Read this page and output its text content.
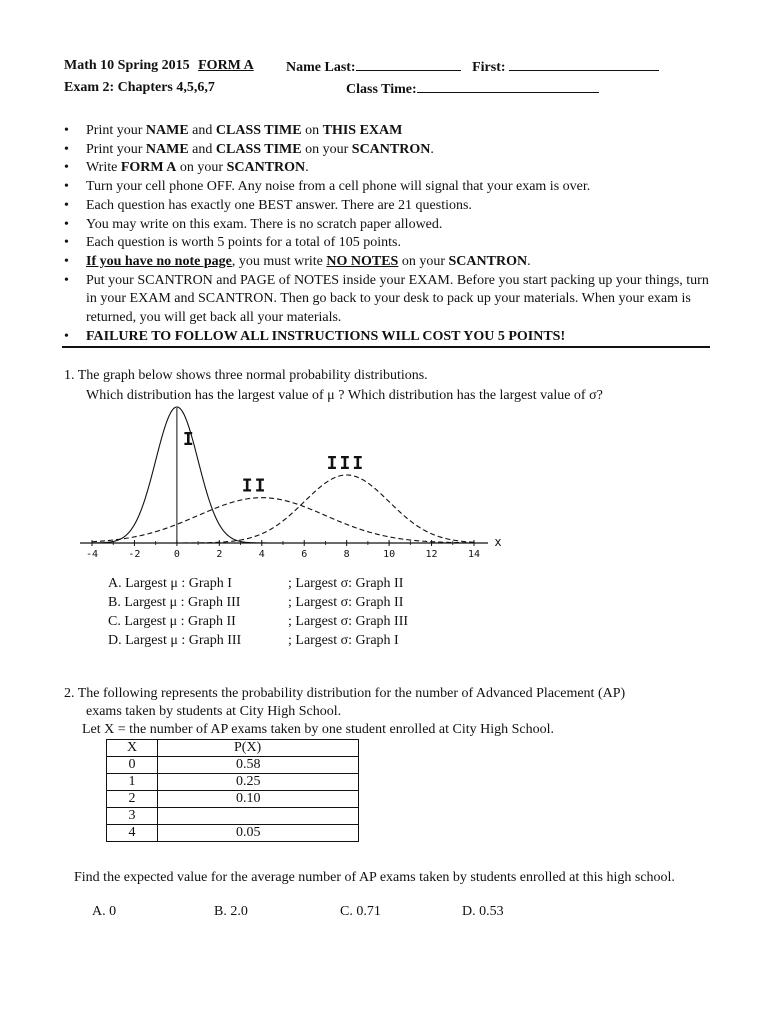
Math 10 Spring 2015 FORM A Name Last:	First:
Exam 2: Chapters 4,5,6,7	Class Time:
• Print your NAME and CLASS TIME on THIS EXAM
• Print your NAME and CLASS TIME on your SCANTRON.
• Write FORM A on your SCANTRON.
• Turn your cell phone OFF. Any noise from a cell phone will signal that your exam is over.
• Each question has exactly one BEST answer. There are 21 questions.
• You may write on this exam. There is no scratch paper allowed.
• Each question is worth 5 points for a total of 105 points.
• If you have no note page, you must write NO NOTES on your SCANTRON.
• Put your SCANTRON and PAGE of NOTES inside your EXAM. Before you start packing up your things, turn in your EXAM and SCANTRON. Then go back to your desk to pack up your materials. When your exam is returned, you will get back all your materials.
• FAILURE TO FOLLOW ALL INSTRUCTIONS WILL COST YOU 5 POINTS!
1. The graph below shows three normal probability distributions.
Which distribution has the largest value of μ ? Which distribution has the largest value of σ?
-4	-2	0	2	4	6	8	10	12	14
x
I
II
III
A. Largest μ : Graph I	; Largest σ: Graph II
B. Largest μ : Graph III	; Largest σ: Graph II
C. Largest μ : Graph II	; Largest σ: Graph III
D. Largest μ : Graph III	; Largest σ: Graph I
2. The following represents the probability distribution for the number of Advanced Placement (AP)
exams taken by students at City High School.
Let X = the number of AP exams taken by one student enrolled at City High School.
X	P(X)
0	0.58
1	0.25
2	0.10
3	
4	0.05
Find the expected value for the average number of AP exams taken by students enrolled at this high school.
A. 0	B. 2.0	C. 0.71	D. 0.53
